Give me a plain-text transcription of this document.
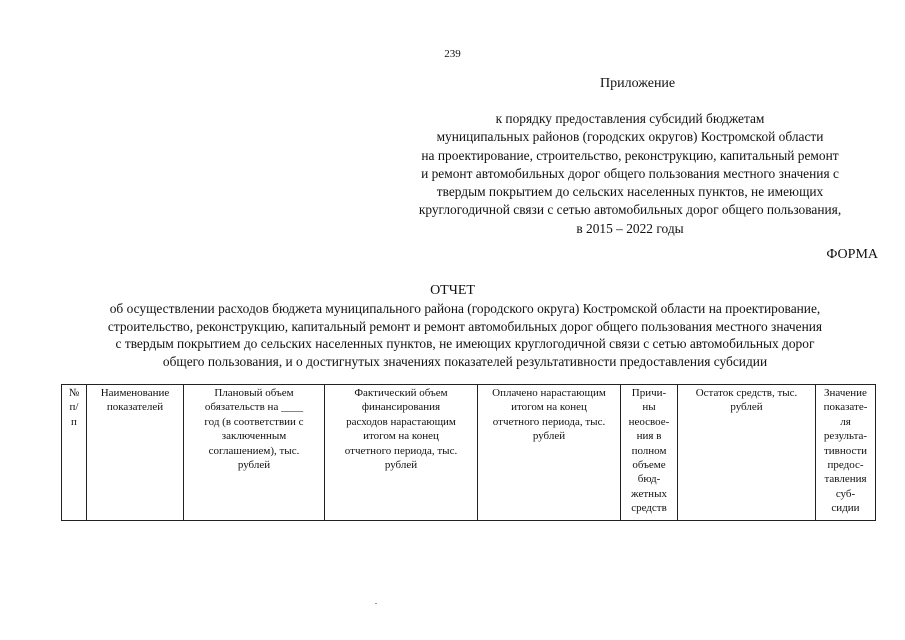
239
Приложение
к порядку предоставления субсидий бюджетам
муниципальных районов (городских округов) Костромской области
на проектирование, строительство, реконструкцию, капитальный ремонт
и ремонт автомобильных дорог общего пользования местного значения с
твердым покрытием до сельских населенных пунктов, не имеющих
круглогодичной связи с сетью автомобильных дорог общего пользования,
в 2015 – 2022 годы
ФОРМА
ОТЧЕТ
об осуществлении расходов бюджета муниципального района (городского округа) Костромской области на проектирование,
строительство, реконструкцию, капитальный ремонт и ремонт автомобильных дорог общего пользования местного значения
с твердым покрытием до сельских населенных пунктов, не имеющих круглогодичной связи с сетью автомобильных дорог
общего пользования, и о достигнутых значениях показателей результативности предоставления субсидии
№
п/
п

Наименование
показателей

Плановый объем
обязательств на ____
год (в соответствии с
заключенным
соглашением), тыс.
рублей

Фактический объем
финансирования
расходов нарастающим
итогом на конец
отчетного периода, тыс.
рублей

Оплачено нарастающим
итогом на конец
отчетного периода, тыс.
рублей

Причи-
ны
неосвое-
ния в
полном
объеме
бюд-
жетных
средств

Остаток средств, тыс.
рублей

Значение
показате-
ля
результа-
тивности
предос-
тавления
суб-
сидии
